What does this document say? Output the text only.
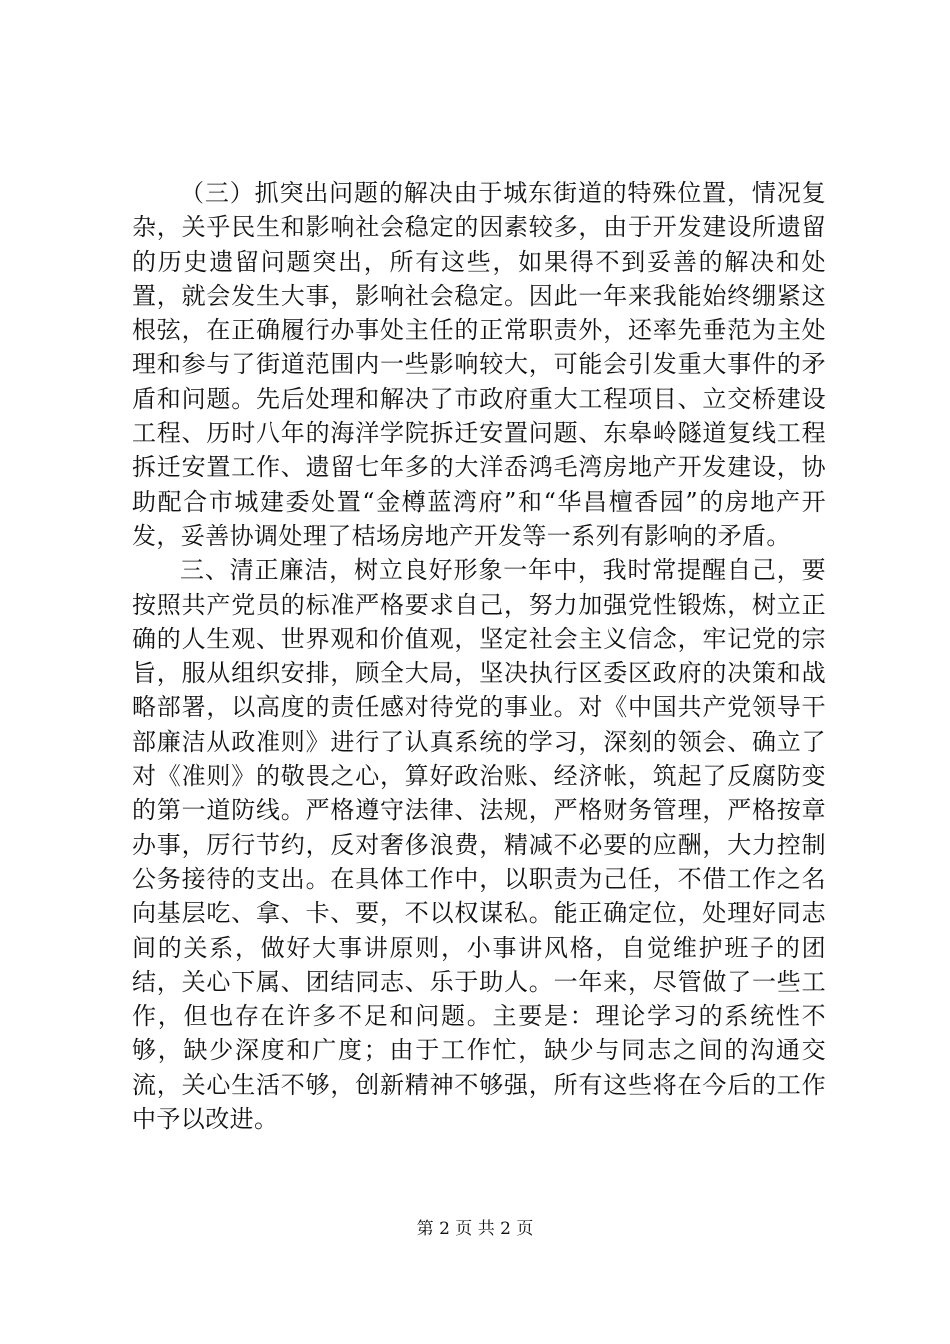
（三）抓突出问题的解决由于城东街道的特殊位置，情况复杂，关乎民生和影响社会稳定的因素较多，由于开发建设所遗留的历史遗留问题突出，所有这些，如果得不到妥善的解决和处置，就会发生大事，影响社会稳定。因此一年来我能始终绷紧这根弦，在正确履行办事处主任的正常职责外，还率先垂范为主处理和参与了街道范围内一些影响较大，可能会引发重大事件的矛盾和问题。先后处理和解决了市政府重大工程项目、立交桥建设工程、历时八年的海洋学院拆迁安置问题、东皋岭隧道复线工程拆迁安置工作、遗留七年多的大洋岙鸿毛湾房地产开发建设，协助配合市城建委处置“金樽蓝湾府”和“华昌檀香园”的房地产开发，妥善协调处理了桔场房地产开发等一系列有影响的矛盾。

三、清正廉洁，树立良好形象一年中，我时常提醒自己，要按照共产党员的标准严格要求自己，努力加强党性锻炼，树立正确的人生观、世界观和价值观，坚定社会主义信念，牢记党的宗旨，服从组织安排，顾全大局，坚决执行区委区政府的决策和战略部署，以高度的责任感对待党的事业。对《中国共产党领导干部廉洁从政准则》进行了认真系统的学习，深刻的领会、确立了对《准则》的敬畏之心，算好政治账、经济帐，筑起了反腐防变的第一道防线。严格遵守法律、法规，严格财务管理，严格按章办事，厉行节约，反对奢侈浪费，精减不必要的应酬，大力控制公务接待的支出。在具体工作中，以职责为己任，不借工作之名向基层吃、拿、卡、要，不以权谋私。能正确定位，处理好同志间的关系，做好大事讲原则，小事讲风格，自觉维护班子的团结，关心下属、团结同志、乐于助人。一年来，尽管做了一些工作，但也存在许多不足和问题。主要是：理论学习的系统性不够，缺少深度和广度；由于工作忙，缺少与同志之间的沟通交流，关心生活不够，创新精神不够强，所有这些将在今后的工作中予以改进。

第 2 页 共 2 页
